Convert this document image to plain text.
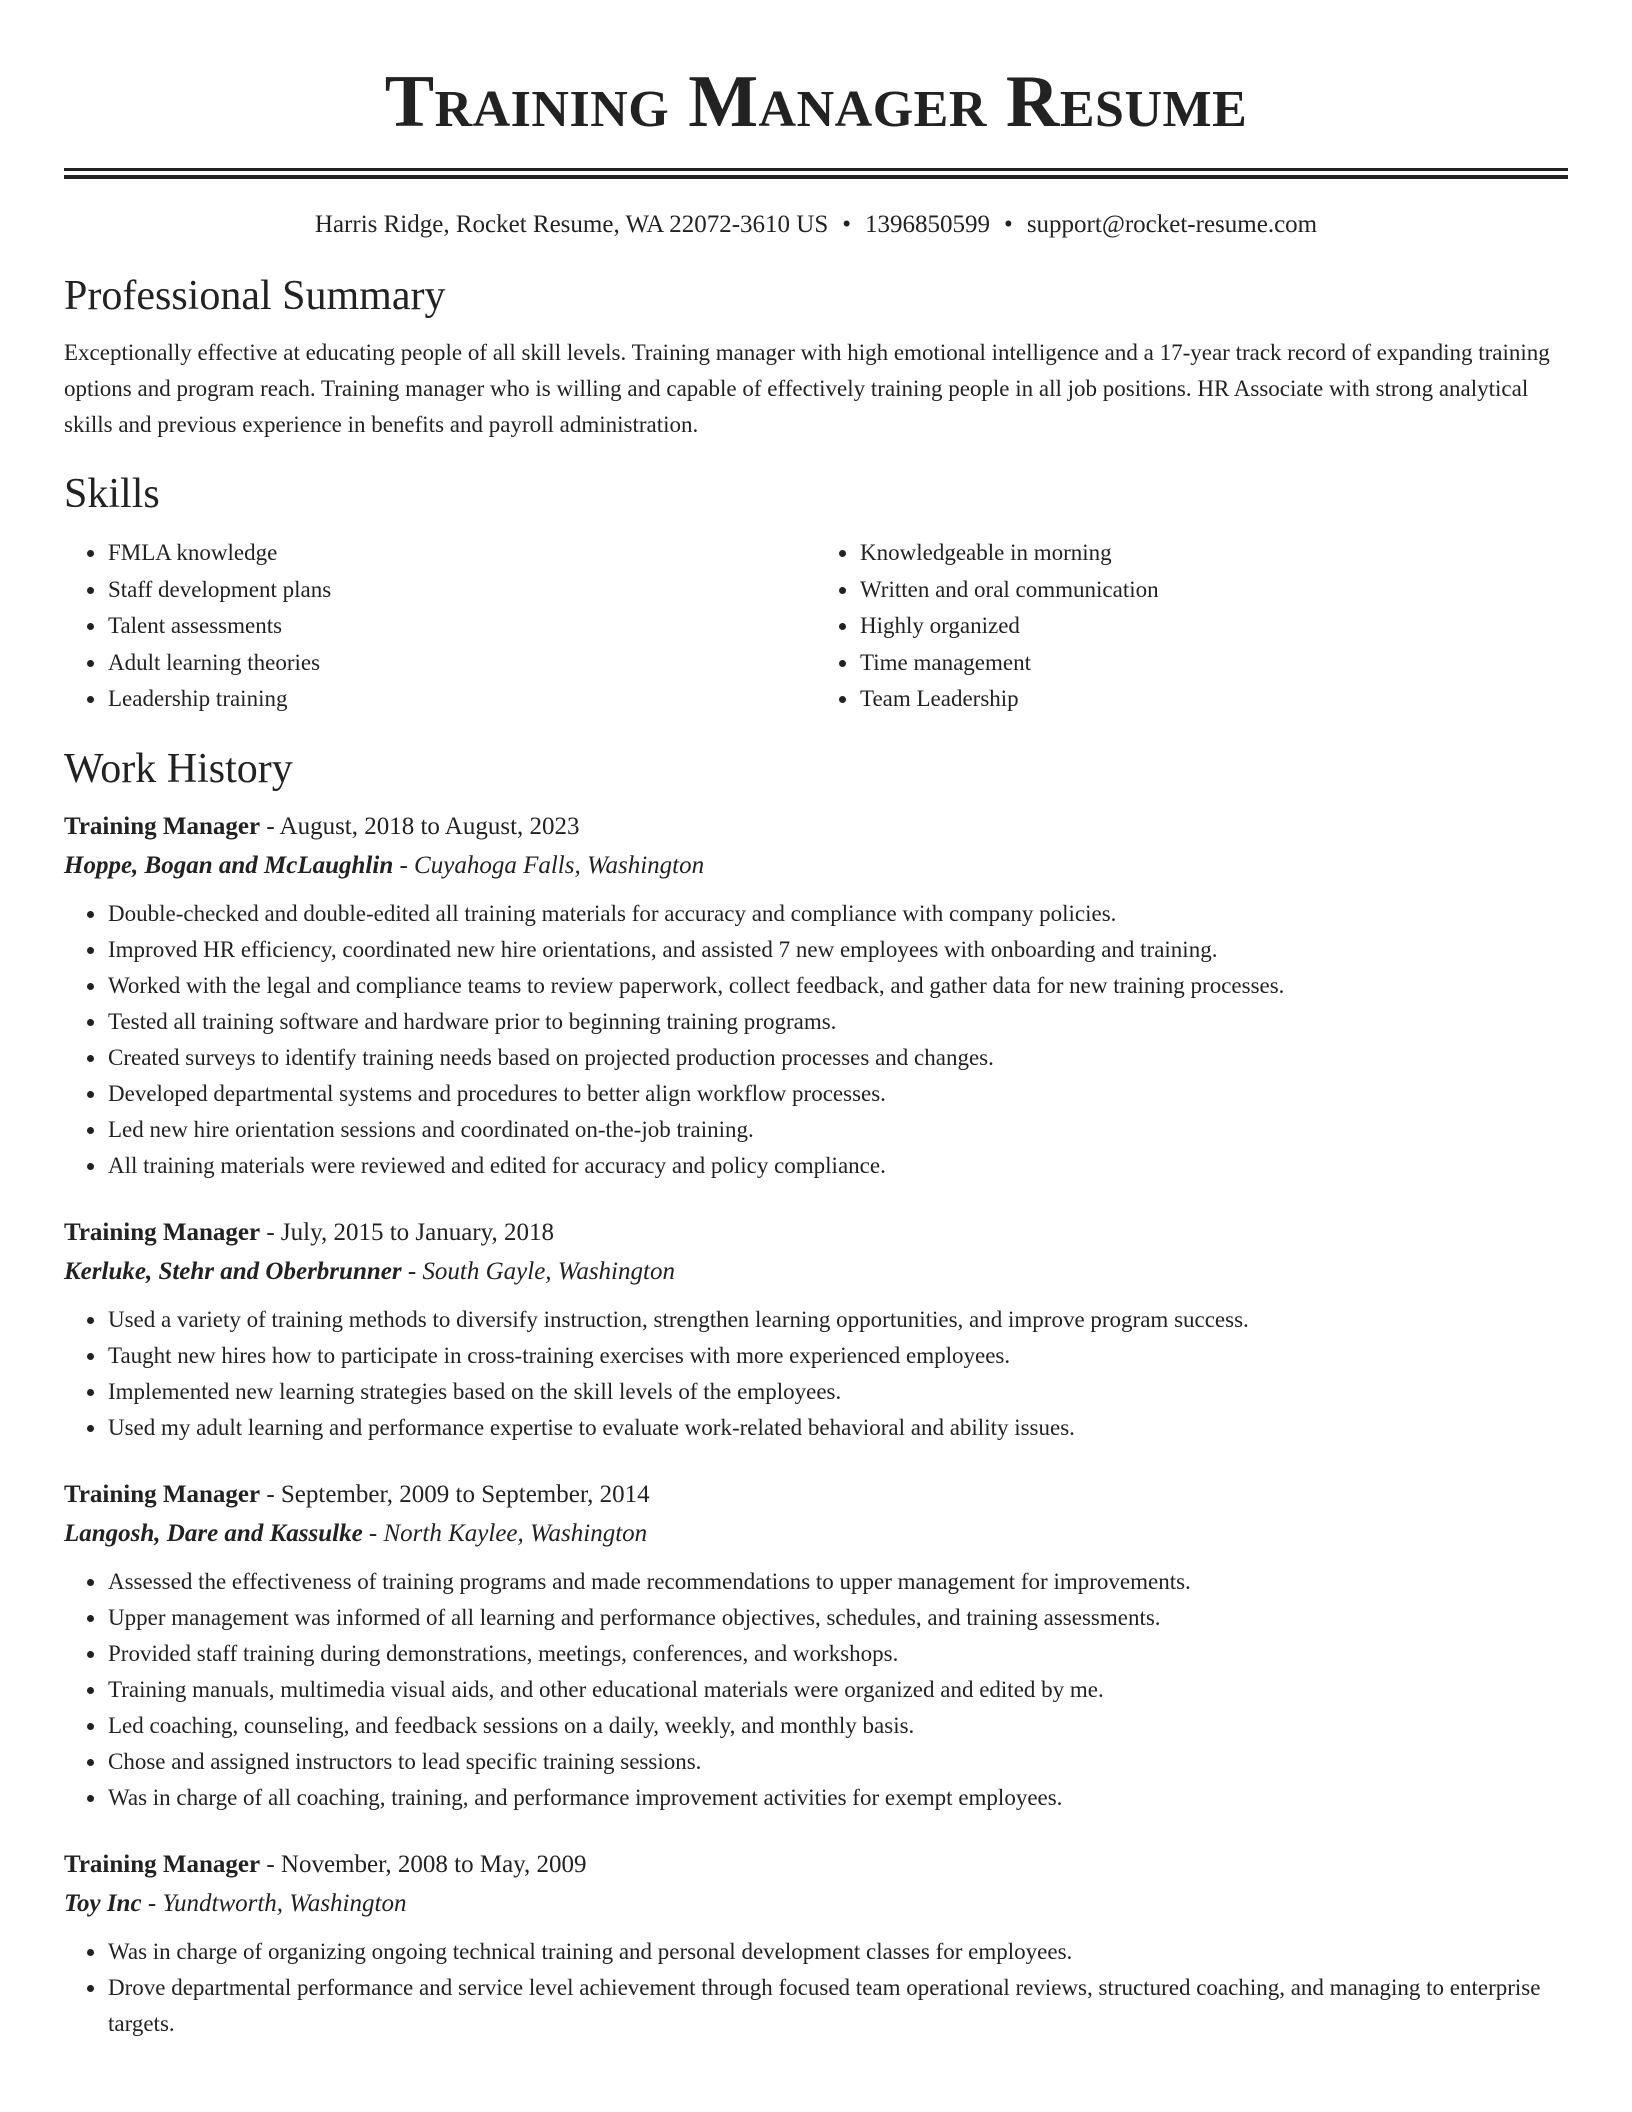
Training Manager Resume
Harris Ridge, Rocket Resume, WA 22072-3610 US • 1396850599 • support@rocket-resume.com
Professional Summary
Exceptionally effective at educating people of all skill levels. Training manager with high emotional intelligence and a 17-year track record of expanding training options and program reach. Training manager who is willing and capable of effectively training people in all job positions. HR Associate with strong analytical skills and previous experience in benefits and payroll administration.
Skills
• FMLA knowledge
• Staff development plans
• Talent assessments
• Adult learning theories
• Leadership training
• Knowledgeable in morning
• Written and oral communication
• Highly organized
• Time management
• Team Leadership
Work History
Training Manager - August, 2018 to August, 2023
Hoppe, Bogan and McLaughlin - Cuyahoga Falls, Washington
• Double-checked and double-edited all training materials for accuracy and compliance with company policies.
• Improved HR efficiency, coordinated new hire orientations, and assisted 7 new employees with onboarding and training.
• Worked with the legal and compliance teams to review paperwork, collect feedback, and gather data for new training processes.
• Tested all training software and hardware prior to beginning training programs.
• Created surveys to identify training needs based on projected production processes and changes.
• Developed departmental systems and procedures to better align workflow processes.
• Led new hire orientation sessions and coordinated on-the-job training.
• All training materials were reviewed and edited for accuracy and policy compliance.
Training Manager - July, 2015 to January, 2018
Kerluke, Stehr and Oberbrunner - South Gayle, Washington
• Used a variety of training methods to diversify instruction, strengthen learning opportunities, and improve program success.
• Taught new hires how to participate in cross-training exercises with more experienced employees.
• Implemented new learning strategies based on the skill levels of the employees.
• Used my adult learning and performance expertise to evaluate work-related behavioral and ability issues.
Training Manager - September, 2009 to September, 2014
Langosh, Dare and Kassulke - North Kaylee, Washington
• Assessed the effectiveness of training programs and made recommendations to upper management for improvements.
• Upper management was informed of all learning and performance objectives, schedules, and training assessments.
• Provided staff training during demonstrations, meetings, conferences, and workshops.
• Training manuals, multimedia visual aids, and other educational materials were organized and edited by me.
• Led coaching, counseling, and feedback sessions on a daily, weekly, and monthly basis.
• Chose and assigned instructors to lead specific training sessions.
• Was in charge of all coaching, training, and performance improvement activities for exempt employees.
Training Manager - November, 2008 to May, 2009
Toy Inc - Yundtworth, Washington
• Was in charge of organizing ongoing technical training and personal development classes for employees.
• Drove departmental performance and service level achievement through focused team operational reviews, structured coaching, and managing to enterprise targets.
